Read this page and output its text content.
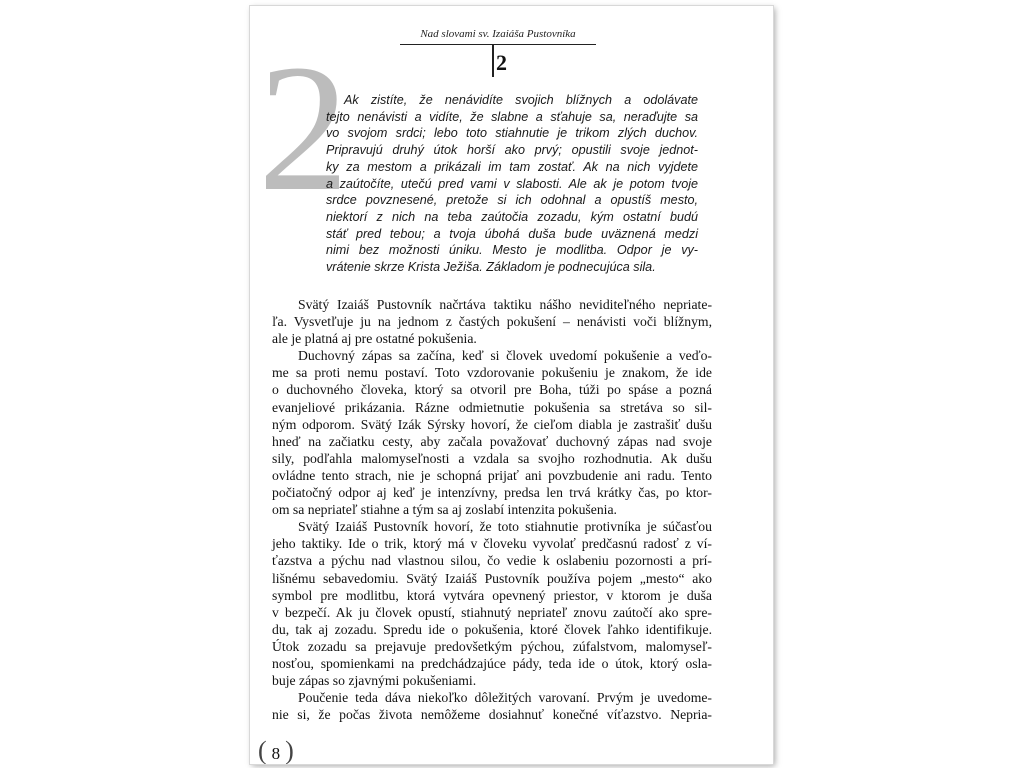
Nad slovami sv. Izaiáša Pustovníka
2
2
Ak zistíte, že nenávidíte svojich blížnych a odolávate
tejto nenávisti a vidíte, že slabne a sťahuje sa, neraďujte sa
vo svojom srdci; lebo toto stiahnutie je trikom zlých duchov.
Pripravujú druhý útok horší ako prvý; opustili svoje jednot-
ky za mestom a prikázali im tam zostať. Ak na nich vyjdete
a zaútočíte, utečú pred vami v slabosti. Ale ak je potom tvoje
srdce povznesené, pretože si ich odohnal a opustíš mesto,
niektorí z nich na teba zaútočia zozadu, kým ostatní budú
stáť pred tebou; a tvoja úbohá duša bude uväznená medzi
nimi bez možnosti úniku. Mesto je modlitba. Odpor je vy-
vrátenie skrze Krista Ježiša. Základom je podnecujúca sila.
Svätý Izaiáš Pustovník načrtáva taktiku nášho neviditeľného nepriate-
ľa. Vysvetľuje ju na jednom z častých pokušení – nenávisti voči blížnym,
ale je platná aj pre ostatné pokušenia.
Duchovný zápas sa začína, keď si človek uvedomí pokušenie a veďo-
me sa proti nemu postaví. Toto vzdorovanie pokušeniu je znakom, že ide
o duchovného človeka, ktorý sa otvoril pre Boha, túži po spáse a pozná
evanjeliové prikázania. Rázne odmietnutie pokušenia sa stretáva so sil-
ným odporom. Svätý Izák Sýrsky hovorí, že cieľom diabla je zastrašiť dušu
hneď na začiatku cesty, aby začala považovať duchovný zápas nad svoje
sily, podľahla malomyseľnosti a vzdala sa svojho rozhodnutia. Ak dušu
ovládne tento strach, nie je schopná prijať ani povzbudenie ani radu. Tento
počiatočný odpor aj keď je intenzívny, predsa len trvá krátky čas, po ktor-
om sa nepriateľ stiahne a tým sa aj zoslabí intenzita pokušenia.
Svätý Izaiáš Pustovník hovorí, že toto stiahnutie protivníka je súčasťou
jeho taktiky. Ide o trik, ktorý má v človeku vyvolať predčasnú radosť z ví-
ťazstva a pýchu nad vlastnou silou, čo vedie k oslabeniu pozornosti a prí-
lišnému sebavedomiu. Svätý Izaiáš Pustovník používa pojem „mesto“ ako
symbol pre modlitbu, ktorá vytvára opevnený priestor, v ktorom je duša
v bezpečí. Ak ju človek opustí, stiahnutý nepriateľ znovu zaútočí ako spre-
du, tak aj zozadu. Spredu ide o pokušenia, ktoré človek ľahko identifikuje.
Útok zozadu sa prejavuje predovšetkým pýchou, zúfalstvom, malomyseľ-
nosťou, spomienkami na predchádzajúce pády, teda ide o útok, ktorý osla-
buje zápas so zjavnými pokušeniami.
Poučenie teda dáva niekoľko dôležitých varovaní. Prvým je uvedome-
nie si, že počas života nemôžeme dosiahnuť konečné víťazstvo. Nepria-
( 8 )
